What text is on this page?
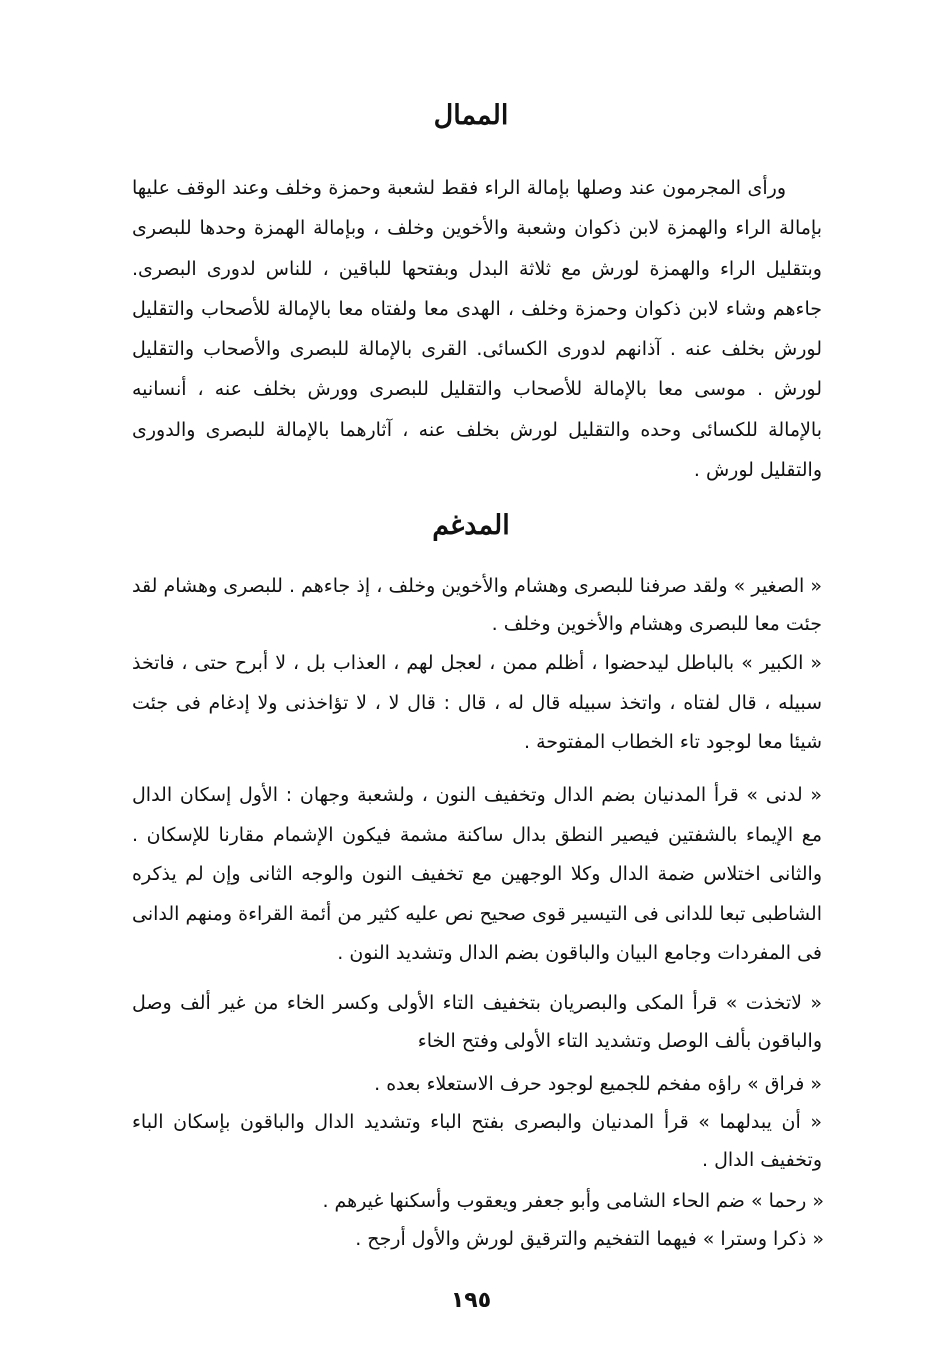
الممال

ورأى المجرمون عند وصلها بإمالة الراء فقط لشعبة وحمزة وخلف وعند الوقف عليها بإمالة الراء والهمزة لابن ذكوان وشعبة والأخوين وخلف ، وبإمالة الهمزة وحدها للبصرى وبتقليل الراء والهمزة لورش مع ثلاثة البدل وبفتحها للباقين ، للناس لدورى البصرى. جاءهم وشاء لابن ذكوان وحمزة وخلف ، الهدى معا ولفتاه معا بالإمالة للأصحاب والتقليل لورش بخلف عنه . آذانهم لدورى الكسائى. القرى بالإمالة للبصرى والأصحاب والتقليل لورش . موسى معا بالإمالة للأصحاب والتقليل للبصرى وورش بخلف عنه ، أنسانيه بالإمالة للكسائى وحده والتقليل لورش بخلف عنه ، آثارهما بالإمالة للبصرى والدورى والتقليل لورش .

المدغم

« الصغير » ولقد صرفنا للبصرى وهشام والأخوين وخلف ، إذ جاءهم . للبصرى وهشام لقد جئت معا للبصرى وهشام والأخوين وخلف .

« الكبير » بالباطل ليدحضوا ، أظلم ممن ، لعجل لهم ، العذاب بل ، لا أبرح حتى ، فاتخذ سبيله ، قال لفتاه ، واتخذ سبيله قال له ، قال : قال لا ، لا تؤاخذنى ولا إدغام فى جئت شيئا معا لوجود تاء الخطاب المفتوحة .

« لدنى » قرأ المدنيان بضم الدال وتخفيف النون ، ولشعبة وجهان : الأول إسكان الدال مع الإيماء بالشفتين فيصير النطق بدال ساكنة مشمة فيكون الإشمام مقارنا للإسكان . والثانى اختلاس ضمة الدال وكلا الوجهين مع تخفيف النون والوجه الثانى وإن لم يذكره الشاطبى تبعا للدانى فى التيسير قوى صحيح نص عليه كثير من أئمة القراءة ومنهم الدانى فى المفردات وجامع البيان والباقون بضم الدال وتشديد النون .

« لاتخذت » قرأ المكى والبصريان بتخفيف التاء الأولى وكسر الخاء من غير ألف وصل والباقون بألف الوصل وتشديد التاء الأولى وفتح الخاء

« فراق » راؤه مفخم للجميع لوجود حرف الاستعلاء بعده .

« أن يبدلهما » قرأ المدنيان والبصرى بفتح الباء وتشديد الدال والباقون بإسكان الباء وتخفيف الدال .

« رحما » ضم الحاء الشامى وأبو جعفر ويعقوب وأسكنها غيرهم .

« ذكرا وسترا » فيهما التفخيم والترقيق لورش والأول أرجح .

١٩٥
